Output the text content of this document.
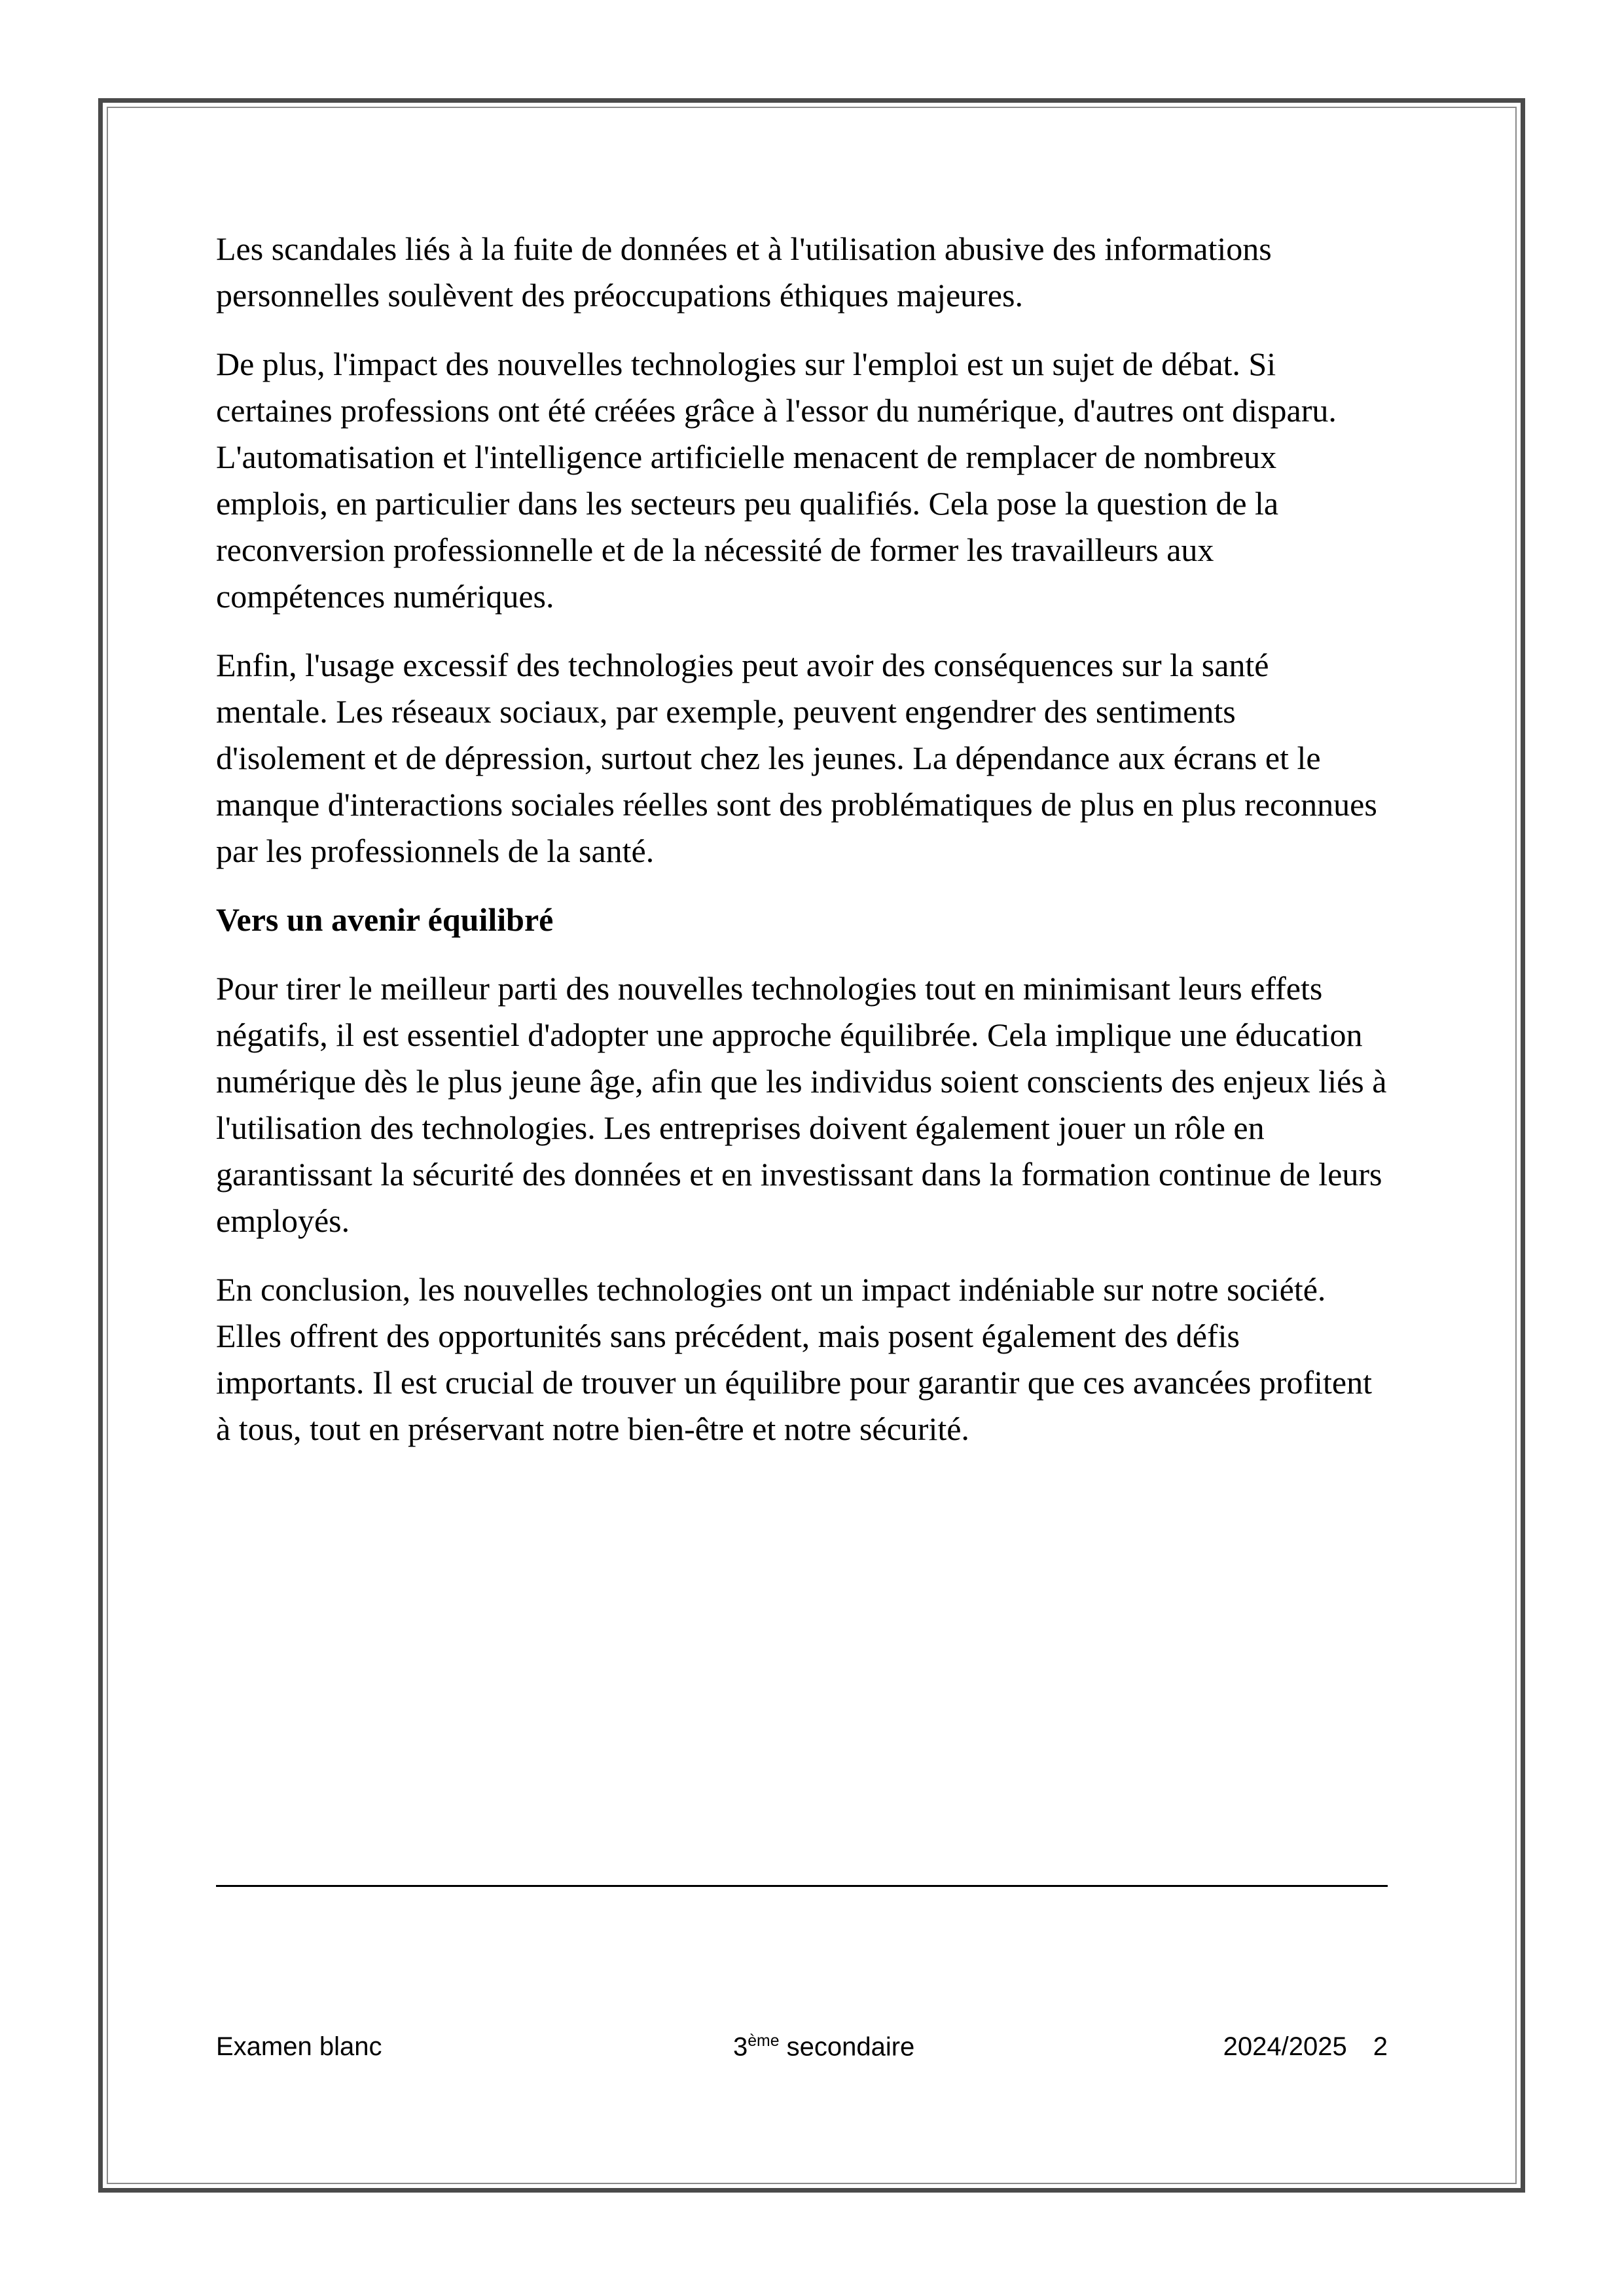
Les scandales liés à la fuite de données et à l'utilisation abusive des informations personnelles soulèvent des préoccupations éthiques majeures.

De plus, l'impact des nouvelles technologies sur l'emploi est un sujet de débat. Si certaines professions ont été créées grâce à l'essor du numérique, d'autres ont disparu. L'automatisation et l'intelligence artificielle menacent de remplacer de nombreux emplois, en particulier dans les secteurs peu qualifiés. Cela pose la question de la reconversion professionnelle et de la nécessité de former les travailleurs aux compétences numériques.

Enfin, l'usage excessif des technologies peut avoir des conséquences sur la santé mentale. Les réseaux sociaux, par exemple, peuvent engendrer des sentiments d'isolement et de dépression, surtout chez les jeunes. La dépendance aux écrans et le manque d'interactions sociales réelles sont des problématiques de plus en plus reconnues par les professionnels de la santé.

Vers un avenir équilibré

Pour tirer le meilleur parti des nouvelles technologies tout en minimisant leurs effets négatifs, il est essentiel d'adopter une approche équilibrée. Cela implique une éducation numérique dès le plus jeune âge, afin que les individus soient conscients des enjeux liés à l'utilisation des technologies. Les entreprises doivent également jouer un rôle en garantissant la sécurité des données et en investissant dans la formation continue de leurs employés.

En conclusion, les nouvelles technologies ont un impact indéniable sur notre société. Elles offrent des opportunités sans précédent, mais posent également des défis importants. Il est crucial de trouver un équilibre pour garantir que ces avancées profitent à tous, tout en préservant notre bien-être et notre sécurité.

Examen blanc	3ème secondaire	2024/2025 2
